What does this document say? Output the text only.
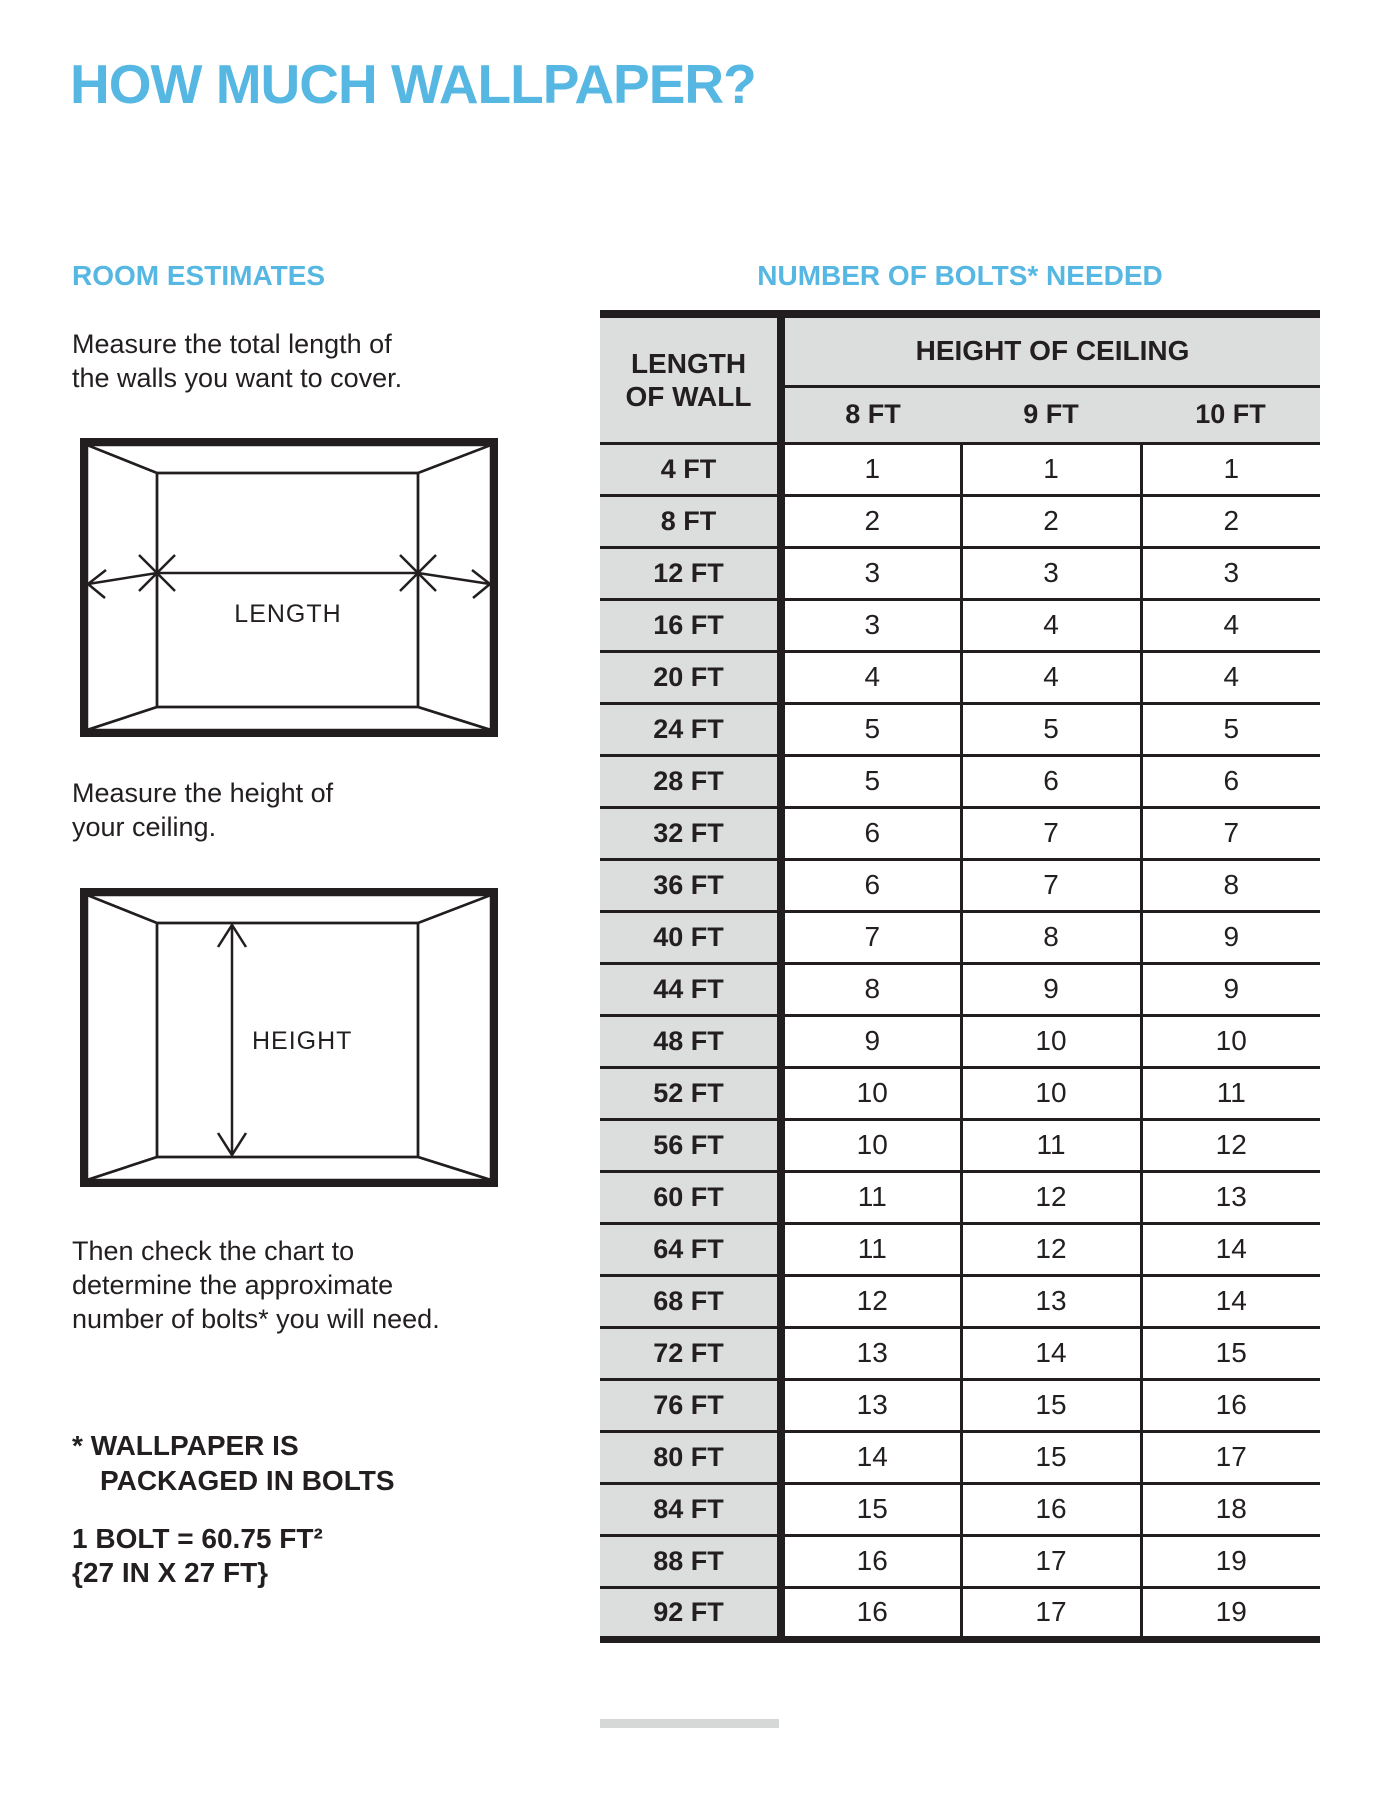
HOW MUCH WALLPAPER?
ROOM ESTIMATES

Measure the total length of
the walls you want to cover.

CEILING
FLOOR
LENGTH

Measure the height of
your ceiling.

CEILING
FLOOR
HEIGHT

Then check the chart to
determine the approximate
number of bolts* you will need.

* WALLPAPER IS
PACKAGED IN BOLTS
1 BOLT = 60.75 FT²
{27 IN X 27 FT}
NUMBER OF BOLTS* NEEDED
LENGTH
OF WALL	HEIGHT OF CEILING		
	8 FT	9 FT	10 FT
4 FT	1	1	1
8 FT	2	2	2
12 FT	3	3	3
16 FT	3	4	4
20 FT	4	4	4
24 FT	5	5	5
28 FT	5	6	6
32 FT	6	7	7
36 FT	6	7	8
40 FT	7	8	9
44 FT	8	9	9
48 FT	9	10	10
52 FT	10	10	11
56 FT	10	11	12
60 FT	11	12	13
64 FT	11	12	14
68 FT	12	13	14
72 FT	13	14	15
76 FT	13	15	16
80 FT	14	15	17
84 FT	15	16	18
88 FT	16	17	19
92 FT	16	17	19
